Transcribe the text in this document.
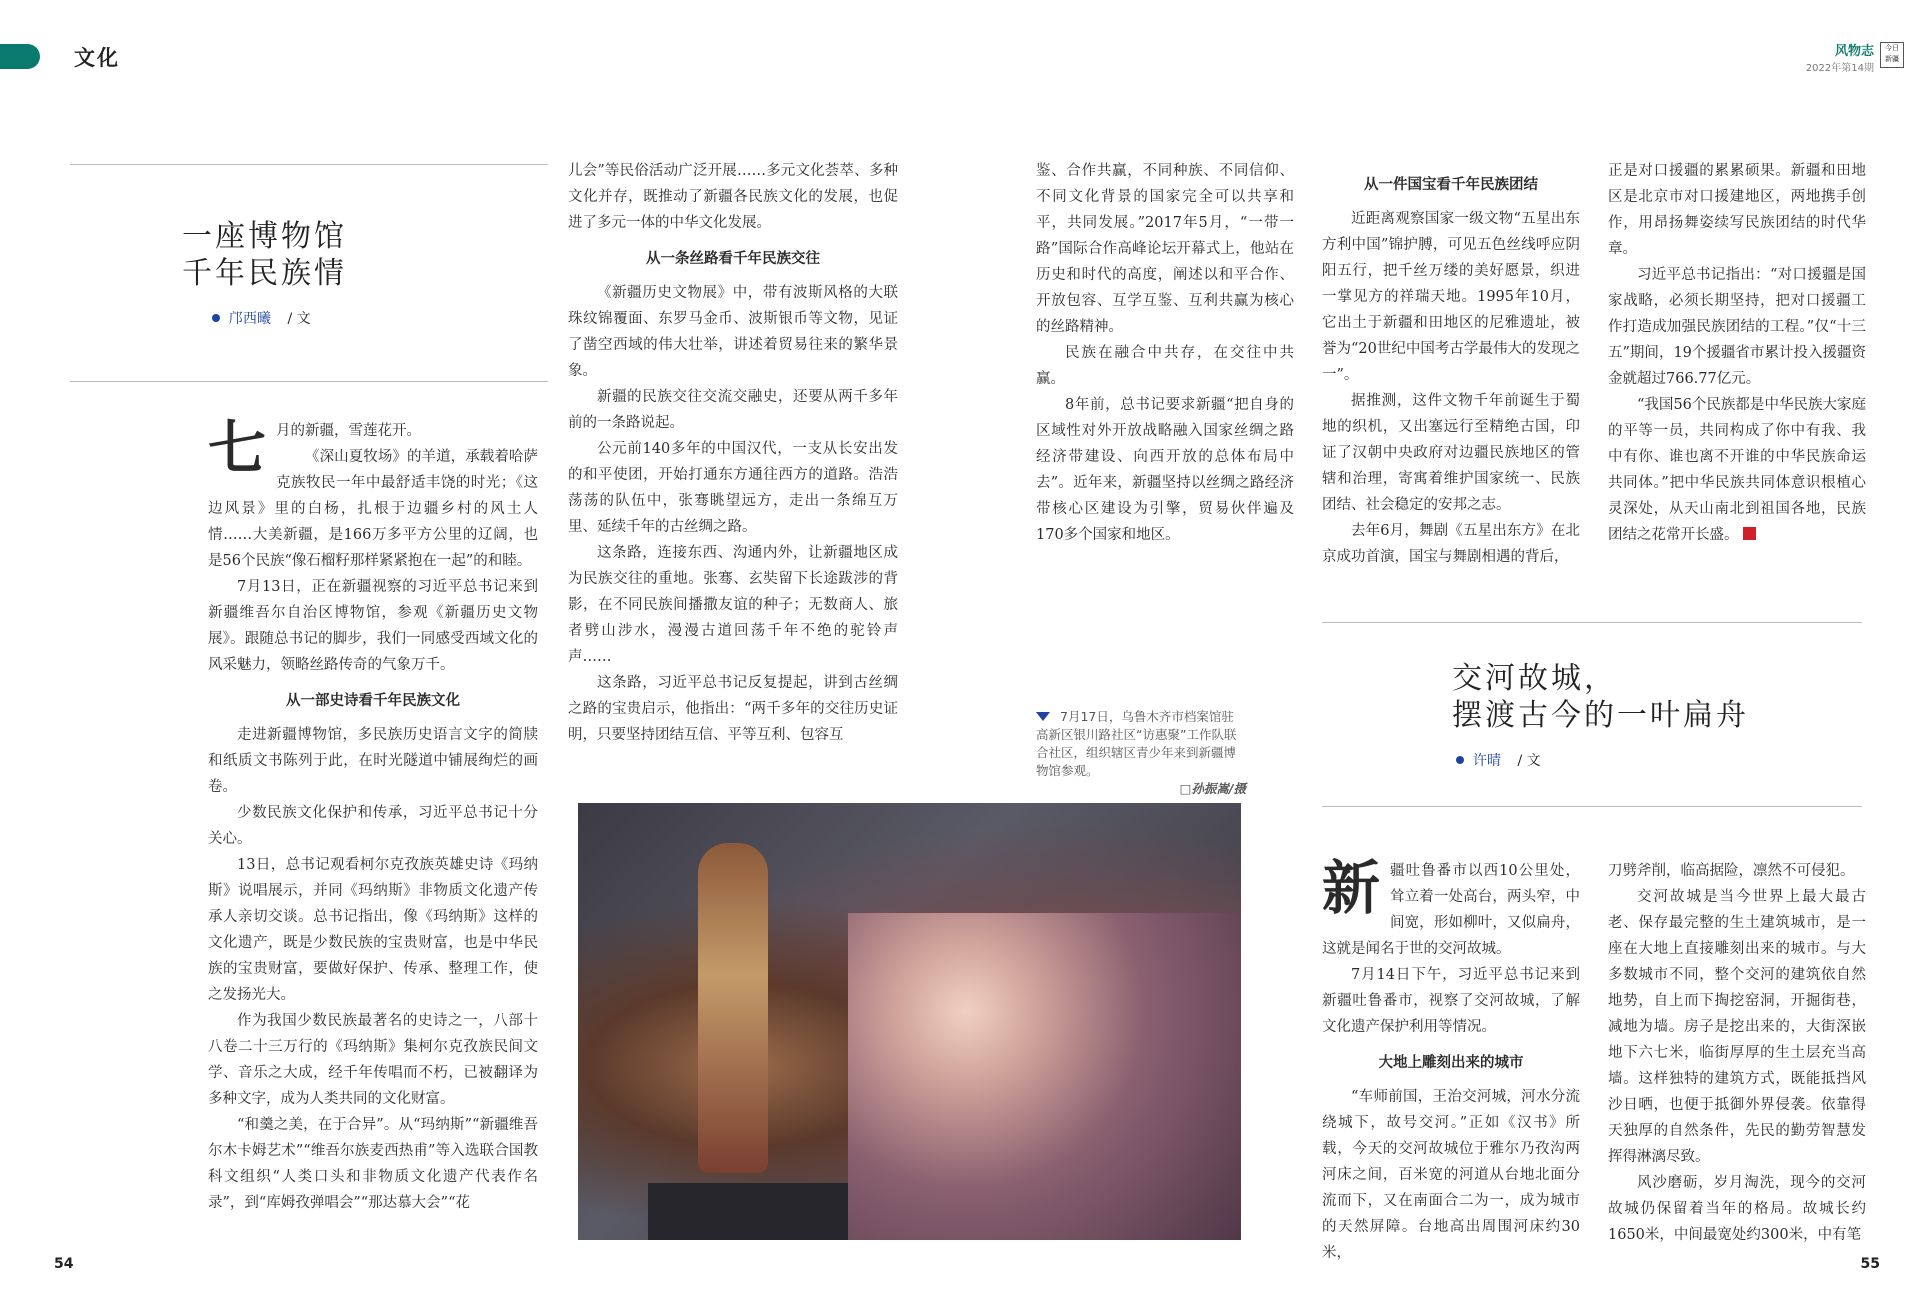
文化	风物志
2022年第14期
今日
新疆
一座博物馆
千年民族情
邝西曦 / 文
七 月的新疆，雪莲花开。

《深山夏牧场》的羊道，承载着哈萨克族牧民一年中最舒适丰饶的时光；《这边风景》里的白杨，扎根于边疆乡村的风土人情……大美新疆，是166万多平方公里的辽阔，也是56个民族“像石榴籽那样紧紧抱在一起”的和睦。

7月13日，正在新疆视察的习近平总书记来到新疆维吾尔自治区博物馆，参观《新疆历史文物展》。跟随总书记的脚步，我们一同感受西域文化的风采魅力，领略丝路传奇的气象万千。

从一部史诗看千年民族文化

走进新疆博物馆，多民族历史语言文字的简牍和纸质文书陈列于此，在时光隧道中铺展绚烂的画卷。

少数民族文化保护和传承，习近平总书记十分关心。

13日，总书记观看柯尔克孜族英雄史诗《玛纳斯》说唱展示，并同《玛纳斯》非物质文化遗产传承人亲切交谈。总书记指出，像《玛纳斯》这样的文化遗产，既是少数民族的宝贵财富，也是中华民族的宝贵财富，要做好保护、传承、整理工作，使之发扬光大。

作为我国少数民族最著名的史诗之一，八部十八卷二十三万行的《玛纳斯》集柯尔克孜族民间文学、音乐之大成，经千年传唱而不朽，已被翻译为多种文字，成为人类共同的文化财富。

“和羹之美，在于合异”。从“玛纳斯”“新疆维吾尔木卡姆艺术”“维吾尔族麦西热甫”等入选联合国教科文组织“人类口头和非物质文化遗产代表作名录”，到“库姆孜弹唱会”“那达慕大会”“花

儿会”等民俗活动广泛开展……多元文化荟萃、多种文化并存，既推动了新疆各民族文化的发展，也促进了多元一体的中华文化发展。

从一条丝路看千年民族交往

《新疆历史文物展》中，带有波斯风格的大联珠纹锦覆面、东罗马金币、波斯银币等文物，见证了凿空西域的伟大壮举，讲述着贸易往来的繁华景象。

新疆的民族交往交流交融史，还要从两千多年前的一条路说起。

公元前140多年的中国汉代，一支从长安出发的和平使团，开始打通东方通往西方的道路。浩浩荡荡的队伍中，张骞眺望远方，走出一条绵互万里、延续千年的古丝绸之路。

这条路，连接东西、沟通内外，让新疆地区成为民族交往的重地。张骞、玄奘留下长途跋涉的背影，在不同民族间播撒友谊的种子；无数商人、旅者劈山涉水，漫漫古道回荡千年不绝的驼铃声声……

这条路，习近平总书记反复提起，讲到古丝绸之路的宝贵启示，他指出：“两千多年的交往历史证明，只要坚持团结互信、平等互利、包容互

鉴、合作共赢，不同种族、不同信仰、不同文化背景的国家完全可以共享和平，共同发展。”2017年5月，“一带一路”国际合作高峰论坛开幕式上，他站在历史和时代的高度，阐述以和平合作、开放包容、互学互鉴、互利共赢为核心的丝路精神。

民族在融合中共存，在交往中共赢。

8年前，总书记要求新疆“把自身的区域性对外开放战略融入国家丝绸之路经济带建设、向西开放的总体布局中去”。近年来，新疆坚持以丝绸之路经济带核心区建设为引擎，贸易伙伴遍及170多个国家和地区。

从一件国宝看千年民族团结

近距离观察国家一级文物“五星出东方利中国”锦护膊，可见五色丝线呼应阴阳五行，把千丝万缕的美好愿景，织进一掌见方的祥瑞天地。1995年10月，它出土于新疆和田地区的尼雅遗址，被誉为“20世纪中国考古学最伟大的发现之一”。

据推测，这件文物千年前诞生于蜀地的织机，又出塞远行至精绝古国，印证了汉朝中央政府对边疆民族地区的管辖和治理，寄寓着维护国家统一、民族团结、社会稳定的安邦之志。

去年6月，舞剧《五星出东方》在北京成功首演，国宝与舞剧相遇的背后，

正是对口援疆的累累硕果。新疆和田地区是北京市对口援建地区，两地携手创作，用昂扬舞姿续写民族团结的时代华章。

习近平总书记指出：“对口援疆是国家战略，必须长期坚持，把对口援疆工作打造成加强民族团结的工程。”仅“十三五”期间，19个援疆省市累计投入援疆资金就超过766.77亿元。

“我国56个民族都是中华民族大家庭的平等一员，共同构成了你中有我、我中有你、谁也离不开谁的中华民族命运共同体。”把中华民族共同体意识根植心灵深处，从天山南北到祖国各地，民族团结之花常开长盛。

7月17日，乌鲁木齐市档案馆驻高新区银川路社区“访惠聚”工作队联合社区，组织辖区青少年来到新疆博物馆参观。
□孙振嵩/摄
交河故城，
摆渡古今的一叶扁舟
许晴 / 文
新 疆吐鲁番市以西10公里处，耸立着一处高台，两头窄，中间宽，形如柳叶，又似扁舟，这就是闻名于世的交河故城。

7月14日下午，习近平总书记来到新疆吐鲁番市，视察了交河故城，了解文化遗产保护利用等情况。

大地上雕刻出来的城市

“车师前国，王治交河城，河水分流绕城下，故号交河。”正如《汉书》所载，今天的交河故城位于雅尔乃孜沟两河床之间，百米宽的河道从台地北面分流而下，又在南面合二为一，成为城市的天然屏障。台地高出周围河床约30米，

刀劈斧削，临高据险，凛然不可侵犯。

交河故城是当今世界上最大最古老、保存最完整的生土建筑城市，是一座在大地上直接雕刻出来的城市。与大多数城市不同，整个交河的建筑依自然地势，自上而下掏挖窑洞，开掘街巷，减地为墙。房子是挖出来的，大街深嵌地下六七米，临街厚厚的生土层充当高墙。这样独特的建筑方式，既能抵挡风沙日晒，也便于抵御外界侵袭。依靠得天独厚的自然条件，先民的勤劳智慧发挥得淋漓尽致。

风沙磨砺，岁月淘洗，现今的交河故城仍保留着当年的格局。故城长约1650米，中间最宽处约300米，中有笔

54	55
